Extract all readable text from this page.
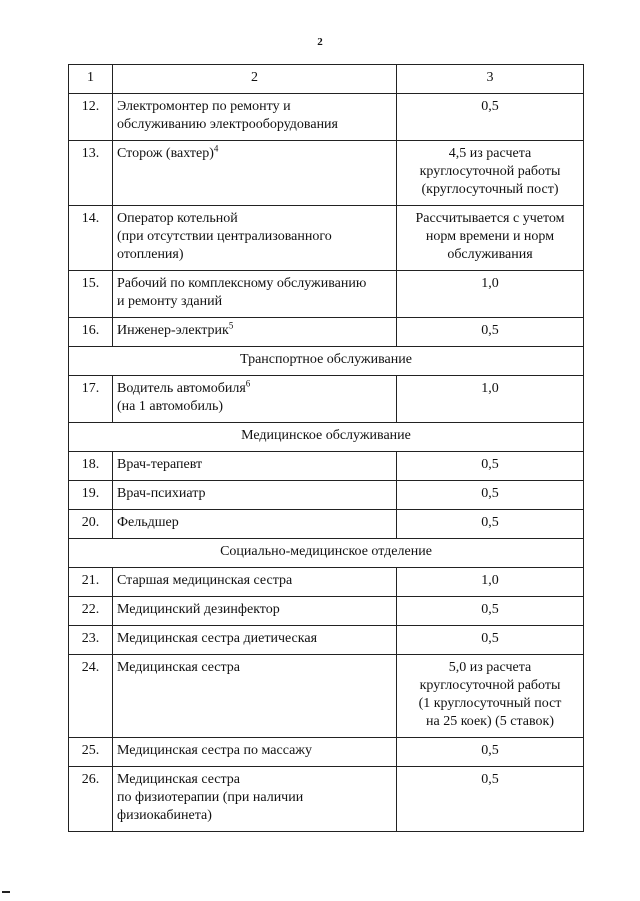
2
1	2	3
12.	Электромонтер по ремонту и
обслуживанию электрооборудования	0,5
13.	Сторож (вахтер)$^4$	4,5 из расчета
круглосуточной работы
(круглосуточный пост)
14.	Оператор котельной
(при отсутствии централизованного
отопления)	Рассчитывается с учетом
норм времени и норм
обслуживания
15.	Рабочий по комплексному обслуживанию
и ремонту зданий	1,0
16.	Инженер-электрик$^5$	0,5
Транспортное обслуживание		
17.	Водитель автомобиля$^6$
(на 1 автомобиль)	1,0
Медицинское обслуживание		
18.	Врач-терапевт	0,5
19.	Врач-психиатр	0,5
20.	Фельдшер	0,5
Социально-медицинское отделение		
21.	Старшая медицинская сестра	1,0
22.	Медицинский дезинфектор	0,5
23.	Медицинская сестра диетическая	0,5
24.	Медицинская сестра	5,0 из расчета
круглосуточной работы
(1 круглосуточный пост
на 25 коек) (5 ставок)
25.	Медицинская сестра по массажу	0,5
26.	Медицинская сестра
по физиотерапии (при наличии
физиокабинета)	0,5
